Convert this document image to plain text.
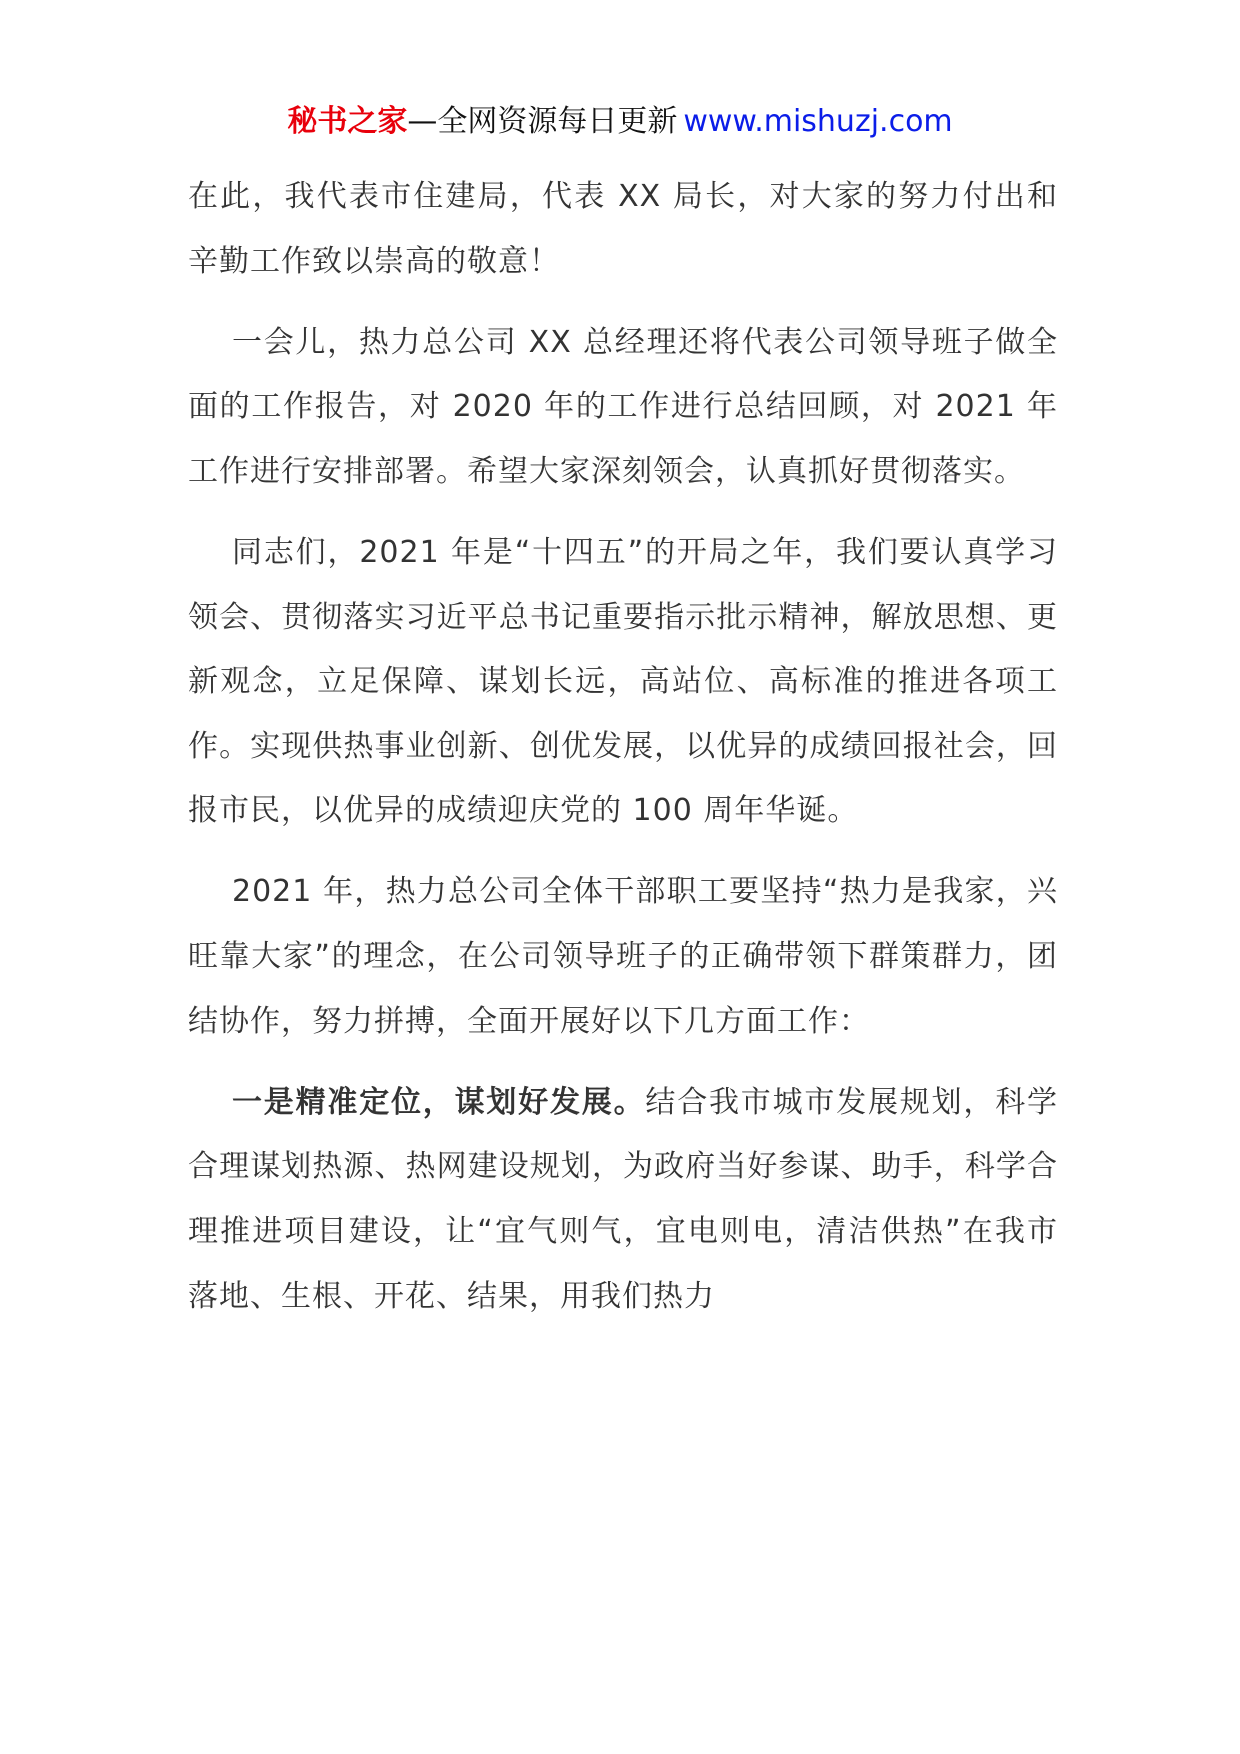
秘书之家—全网资源每日更新 www.mishuzj.com

在此，我代表市住建局，代表 XX 局长，对大家的努力付出和辛勤工作致以崇高的敬意！

一会儿，热力总公司 XX 总经理还将代表公司领导班子做全面的工作报告，对 2020 年的工作进行总结回顾，对 2021 年工作进行安排部署。希望大家深刻领会，认真抓好贯彻落实。

同志们，2021 年是“十四五”的开局之年，我们要认真学习领会、贯彻落实习近平总书记重要指示批示精神，解放思想、更新观念，立足保障、谋划长远，高站位、高标准的推进各项工作。实现供热事业创新、创优发展，以优异的成绩回报社会，回报市民，以优异的成绩迎庆党的 100 周年华诞。

2021 年，热力总公司全体干部职工要坚持“热力是我家，兴旺靠大家”的理念，在公司领导班子的正确带领下群策群力，团结协作，努力拼搏，全面开展好以下几方面工作：

一是精准定位，谋划好发展。结合我市城市发展规划，科学合理谋划热源、热网建设规划，为政府当好参谋、助手，科学合理推进项目建设，让“宜气则气，宜电则电，清洁供热”在我市落地、生根、开花、结果，用我们热力
